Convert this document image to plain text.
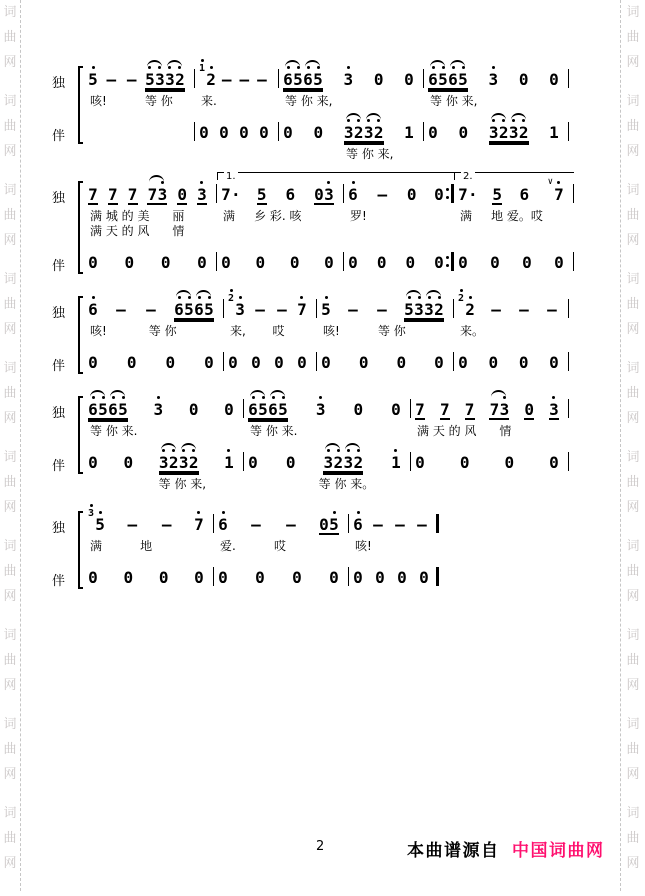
词
曲
网
词
曲
网
词
曲
网
词
曲
网
词
曲
网
词
曲
网
词
曲
网
词
曲
网
词
曲
网
词
曲
网
独
伴
5 — — 5 3 3 2
咳!          等 你
1
2 — — —
来.
0 0 0 0
6 5 6 5 3 0 0
等 你 来,
0 0 3 2 3 2 1
等 你 来,
6 5 6 5 3 0 0
等 你 来,
0 0 3 2 3 2 1
独
伴
7 7 7 7 3 0 3
满 城 的 美      丽
满 天 的 风      情
0 0 0 0
1.
7 · 5 6 0 3
满     乡 彩. 咳
0 0 0 0
6 — 0 0
罗!
0 0 0 0
2.
7 · 5 6
∨
7
满     地 爱。哎
0 0 0 0
独
伴
6 — — 6 5 6 5
咳!           等 你
0 0 0 0
2
3 — — 7
来,       哎
0 0 0 0
5 — — 5 3 3 2
咳!          等 你
0 0 0 0
2
2 — — —
来。
0 0 0 0
独
伴
6 5 6 5 3 0 0
等 你 来.
0 0 3 2 3 2 1
等 你 来,
6 5 6 5 3 0 0
等 你 来.
0 0 3 2 3 2 1
等 你 来。
7 7 7 7 3 0 3
满 天 的 风      情
0 0 0 0
独
伴
3
5 — — 7
满          地
0 0 0 0
6 — — 0 5
爱.          哎
0 0 0 0
6 — — —
咳!
0 0 0 0
词
曲
网
词
曲
网
词
曲
网
词
曲
网
词
曲
网
词
曲
网
词
曲
网
词
曲
网
词
曲
网
词
曲
网
2	本曲谱源自 中国词曲网
